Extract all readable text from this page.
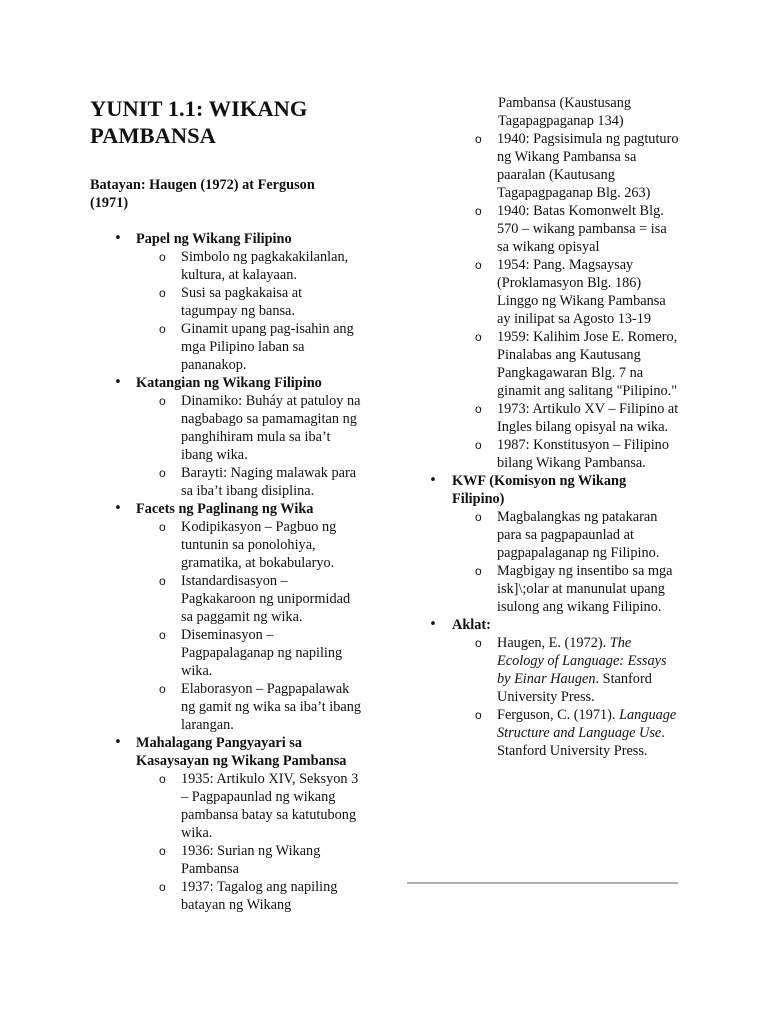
YUNIT 1.1: WIKANG PAMBANSA
Batayan: Haugen (1972) at Ferguson (1971)
• Papel ng Wikang Filipino
o Simbolo ng pagkakakilanlan, kultura, at kalayaan.
o Susi sa pagkakaisa at tagumpay ng bansa.
o Ginamit upang pag-isahin ang mga Pilipino laban sa pananakop.
• Katangian ng Wikang Filipino
o Dinamiko: Buháy at patuloy na nagbabago sa pamamagitan ng panghihiram mula sa iba’t ibang wika.
o Barayti: Naging malawak para sa iba’t ibang disiplina.
• Facets ng Paglinang ng Wika
o Kodipikasyon – Pagbuo ng tuntunin sa ponolohiya, gramatika, at bokabularyo.
o Istandardisasyon – Pagkakaroon ng unipormidad sa paggamit ng wika.
o Diseminasyon – Pagpapalaganap ng napiling wika.
o Elaborasyon – Pagpapalawak ng gamit ng wika sa iba’t ibang larangan.
• Mahalagang Pangyayari sa Kasaysayan ng Wikang Pambansa
o 1935: Artikulo XIV, Seksyon 3 – Pagpapaunlad ng wikang pambansa batay sa katutubong wika.
o 1936: Surian ng Wikang Pambansa
o 1937: Tagalog ang napiling batayan ng Wikang
Pambansa (Kaustusang Tagapagpaganap 134)
o 1940: Pagsisimula ng pagtuturo ng Wikang Pambansa sa paaralan (Kautusang Tagapagpaganap Blg. 263)
o 1940: Batas Komonwelt Blg. 570 – wikang pambansa = isa sa wikang opisyal
o 1954: Pang. Magsaysay (Proklamasyon Blg. 186) Linggo ng Wikang Pambansa ay inilipat sa Agosto 13-19
o 1959: Kalihim Jose E. Romero, Pinalabas ang Kautusang Pangkagawaran Blg. 7 na ginamit ang salitang "Pilipino."
o 1973: Artikulo XV – Filipino at Ingles bilang opisyal na wika.
o 1987: Konstitusyon – Filipino bilang Wikang Pambansa.
• KWF (Komisyon ng Wikang Filipino)
o Magbalangkas ng patakaran para sa pagpapaunlad at pagpapalaganap ng Filipino.
o Magbigay ng insentibo sa mga isk]\;olar at manunulat upang isulong ang wikang Filipino.
• Aklat:
o Haugen, E. (1972). The Ecology of Language: Essays by Einar Haugen. Stanford University Press.
o Ferguson, C. (1971). Language Structure and Language Use. Stanford University Press.
